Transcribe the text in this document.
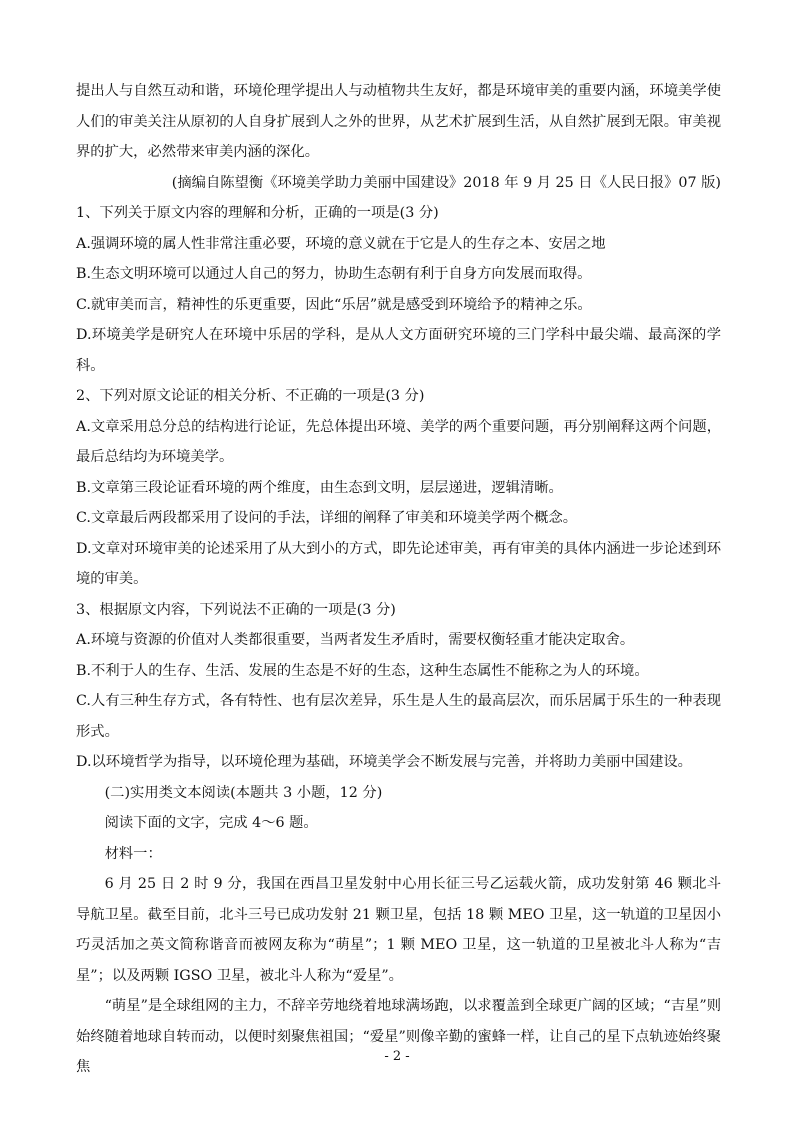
提出人与自然互动和谐，环境伦理学提出人与动植物共生友好，都是环境审美的重要内涵，环境美学使人们的审美关注从原初的人自身扩展到人之外的世界，从艺术扩展到生活，从自然扩展到无限。审美视界的扩大，必然带来审美内涵的深化。

(摘编自陈望衡《环境美学助力美丽中国建设》2018 年 9 月 25 日《人民日报》07 版)

1、下列关于原文内容的理解和分析，正确的一项是(3 分)

A.强调环境的属人性非常注重必要，环境的意义就在于它是人的生存之本、安居之地

B.生态文明环境可以通过人自己的努力，协助生态朝有利于自身方向发展而取得。

C.就审美而言，精神性的乐更重要，因此“乐居”就是感受到环境给予的精神之乐。

D.环境美学是研究人在环境中乐居的学科，是从人文方面研究环境的三门学科中最尖端、最高深的学科。

2、下列对原文论证的相关分析、不正确的一项是(3 分)

A.文章采用总分总的结构进行论证，先总体提出环境、美学的两个重要问题，再分别阐释这两个问题，最后总结均为环境美学。

B.文章第三段论证看环境的两个维度，由生态到文明，层层递进，逻辑清晰。

C.文章最后两段都采用了设问的手法，详细的阐释了审美和环境美学两个概念。

D.文章对环境审美的论述采用了从大到小的方式，即先论述审美，再有审美的具体内涵进一步论述到环境的审美。

3、根据原文内容，下列说法不正确的一项是(3 分)

A.环境与资源的价值对人类都很重要，当两者发生矛盾时，需要权衡轻重才能决定取舍。

B.不利于人的生存、生活、发展的生态是不好的生态，这种生态属性不能称之为人的环境。

C.人有三种生存方式，各有特性、也有层次差异，乐生是人生的最高层次，而乐居属于乐生的一种表现形式。

D.以环境哲学为指导，以环境伦理为基础，环境美学会不断发展与完善，并将助力美丽中国建设。

(二)实用类文本阅读(本题共 3 小题，12 分)

阅读下面的文字，完成 4～6 题。

材料一：

6 月 25 日 2 时 9 分，我国在西昌卫星发射中心用长征三号乙运载火箭，成功发射第 46 颗北斗导航卫星。截至目前，北斗三号已成功发射 21 颗卫星，包括 18 颗 MEO 卫星，这一轨道的卫星因小巧灵活加之英文简称谐音而被网友称为“萌星”；1 颗 MEO 卫星，这一轨道的卫星被北斗人称为“吉星”；以及两颗 IGSO 卫星，被北斗人称为“爱星”。

“萌星”是全球组网的主力，不辞辛劳地绕着地球满场跑，以求覆盖到全球更广阔的区域；“吉星”则始终随着地球自转而动，以便时刻聚焦祖国；“爱星”则像辛勤的蜜蜂一样，让自己的星下点轨迹始终聚焦

- 2 -
